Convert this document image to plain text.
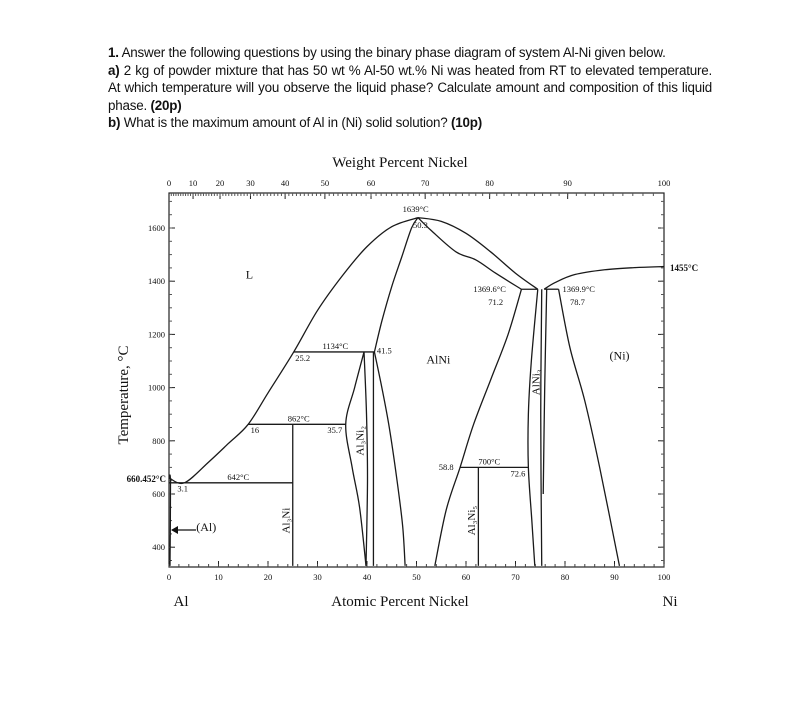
1. Answer the following questions by using the binary phase diagram of system Al-Ni given below.

a) 2 kg of powder mixture that has 50 wt % Al-50 wt.% Ni was heated from RT to elevated temperature. At which temperature will you observe the liquid phase? Calculate amount and composition of this liquid phase. (20p)

b) What is the maximum amount of Al in (Ni) solid solution? (10p)

Weight Percent Nickel
Atomic Percent Nickel
Al	Ni
Temperature, °C
660.452°C
1455°C
0	10	20	30	40	50	60	70	80	90	100
0 10 20	30	40	50	60	70	80	90	100
400
600
800
1000
1200
1400
1600
1639°C
50.3
L
1134°C
25.2
41.5
AlNi	(Ni)
862°C
16	35.7
642°C
3.1
700°C
58.8
72.6
1369.6°C
71.2
1369.9°C
78.7
(Al)	Al₃Ni
Al₃Ni₂
Al₃Ni₅
AlNi₃
